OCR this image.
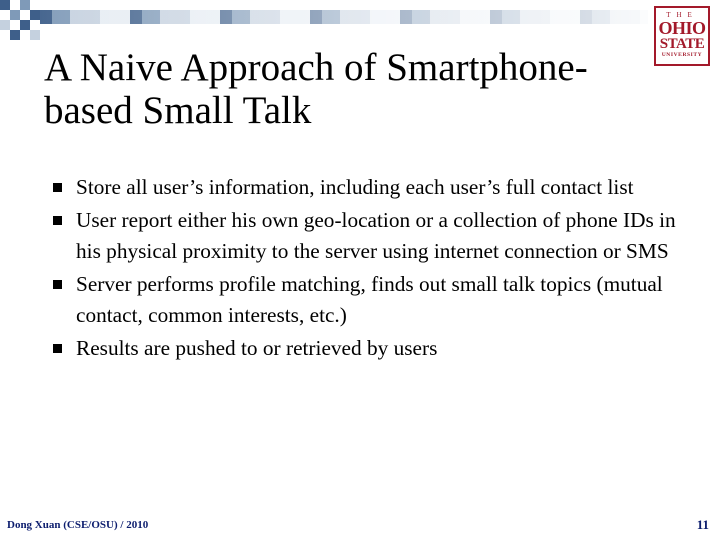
THE
OHIO
STATE
UNIVERSITY
A Naive Approach of Smartphone-
based Small Talk
Store all user’s information, including each user’s full contact list
User report either his own geo-location or a collection of phone IDs in his physical proximity to the server using internet connection or SMS
Server performs profile matching, finds out small talk topics (mutual contact, common interests, etc.)
Results are pushed to or retrieved by users
Dong Xuan (CSE/OSU) / 2010	11
